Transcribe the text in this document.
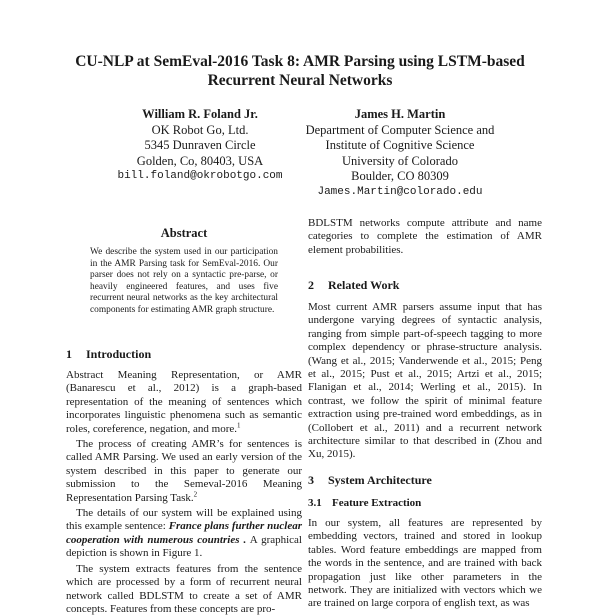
CU-NLP at SemEval-2016 Task 8: AMR Parsing using LSTM-based
Recurrent Neural Networks
William R. Foland Jr.
OK Robot Go, Ltd.
5345 Dunraven Circle
Golden, Co, 80403, USA
bill.foland@okrobotgo.com
James H. Martin
Department of Computer Science and
Institute of Cognitive Science
University of Colorado
Boulder, CO 80309
James.Martin@colorado.edu
Abstract
We describe the system used in our participation in the AMR Parsing task for SemEval-2016. Our parser does not rely on a syntactic pre-parse, or heavily engineered features, and uses five recurrent neural networks as the key architectural components for estimating AMR graph structure.
1 Introduction

Abstract Meaning Representation, or AMR (Banarescu et al., 2012) is a graph-based representation of the meaning of sentences which incorporates linguistic phenomena such as semantic roles, coreference, negation, and more.$^1$

The process of creating AMR’s for sentences is called AMR Parsing. We used an early version of the system described in this paper to generate our submission to the Semeval-2016 Meaning Representation Parsing Task.$^2$

The details of our system will be explained using this example sentence: France plans further nuclear cooperation with numerous countries . A graphical depiction is shown in Figure 1.

The system extracts features from the sentence which are processed by a form of recurrent neural network called BDLSTM to create a set of AMR concepts. Features from these concepts are pro-

BDLSTM networks compute attribute and name categories to complete the estimation of AMR element probabilities.

2 Related Work

Most current AMR parsers assume input that has undergone varying degrees of syntactic analysis, ranging from simple part-of-speech tagging to more complex dependency or phrase-structure analysis. (Wang et al., 2015; Vanderwende et al., 2015; Peng et al., 2015; Pust et al., 2015; Artzi et al., 2015; Flanigan et al., 2014; Werling et al., 2015). In contrast, we follow the spirit of minimal feature extraction using pre-trained word embeddings, as in (Collobert et al., 2011) and a recurrent network architecture similar to that described in (Zhou and Xu, 2015).

3 System Architecture
3.1 Feature Extraction

In our system, all features are represented by embedding vectors, trained and stored in lookup tables. Word feature embeddings are mapped from the words in the sentence, and are trained with back propagation just like other parameters in the network. They are initialized with vectors which we are trained on large corpora of english text, as was
